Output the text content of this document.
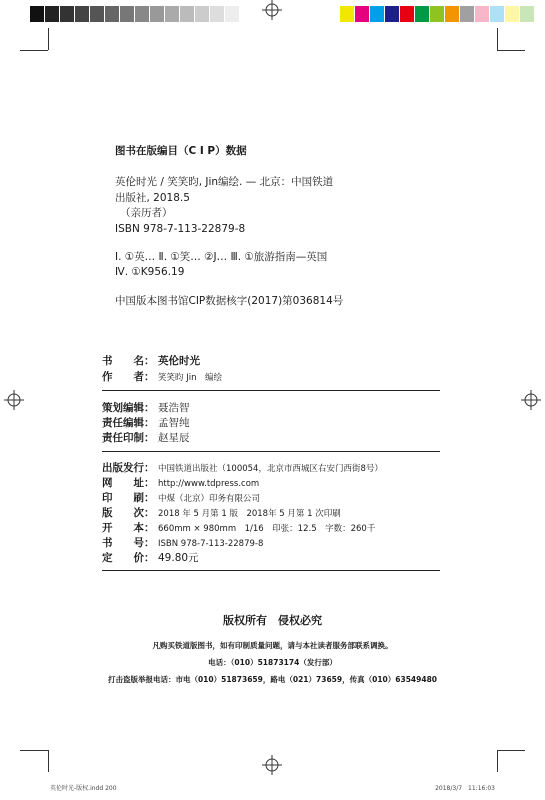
图书在版编目（C I P）数据
英伦时光 / 笑笑昀, Jin编绘. — 北京：中国铁道
出版社, 2018.5
（亲历者）
ISBN 978-7-113-22879-8
Ⅰ. ①英… Ⅱ. ①笑… ②J… Ⅲ. ①旅游指南—英国
Ⅳ. ①K956.19
中国版本图书馆CIP数据核字(2017)第036814号
书　　名： 英伦时光
作　　者： 笑笑昀 Jin　编绘
策划编辑： 聂浩智
责任编辑： 孟智纯
责任印制： 赵星辰
出版发行： 中国铁道出版社（100054，北京市西城区右安门西街8号）
网　　址： http://www.tdpress.com
印　　刷： 中煤（北京）印务有限公司
版　　次： 2018 年 5 月第 1 版　2018年 5 月第 1 次印刷
开　　本： 660mm × 980mm　1/16　印张：12.5　字数：260千
书　　号： ISBN 978-7-113-22879-8
定　　价： 49.80元
版权所有　侵权必究
凡购买铁道版图书，如有印制质量问题，请与本社读者服务部联系调换。
电话：（010）51873174（发行部）
打击盗版举报电话：市电（010）51873659，路电（021）73659，传真（010）63549480
英伦时光-版权.indd 200	2018/3/7　11:16:03
